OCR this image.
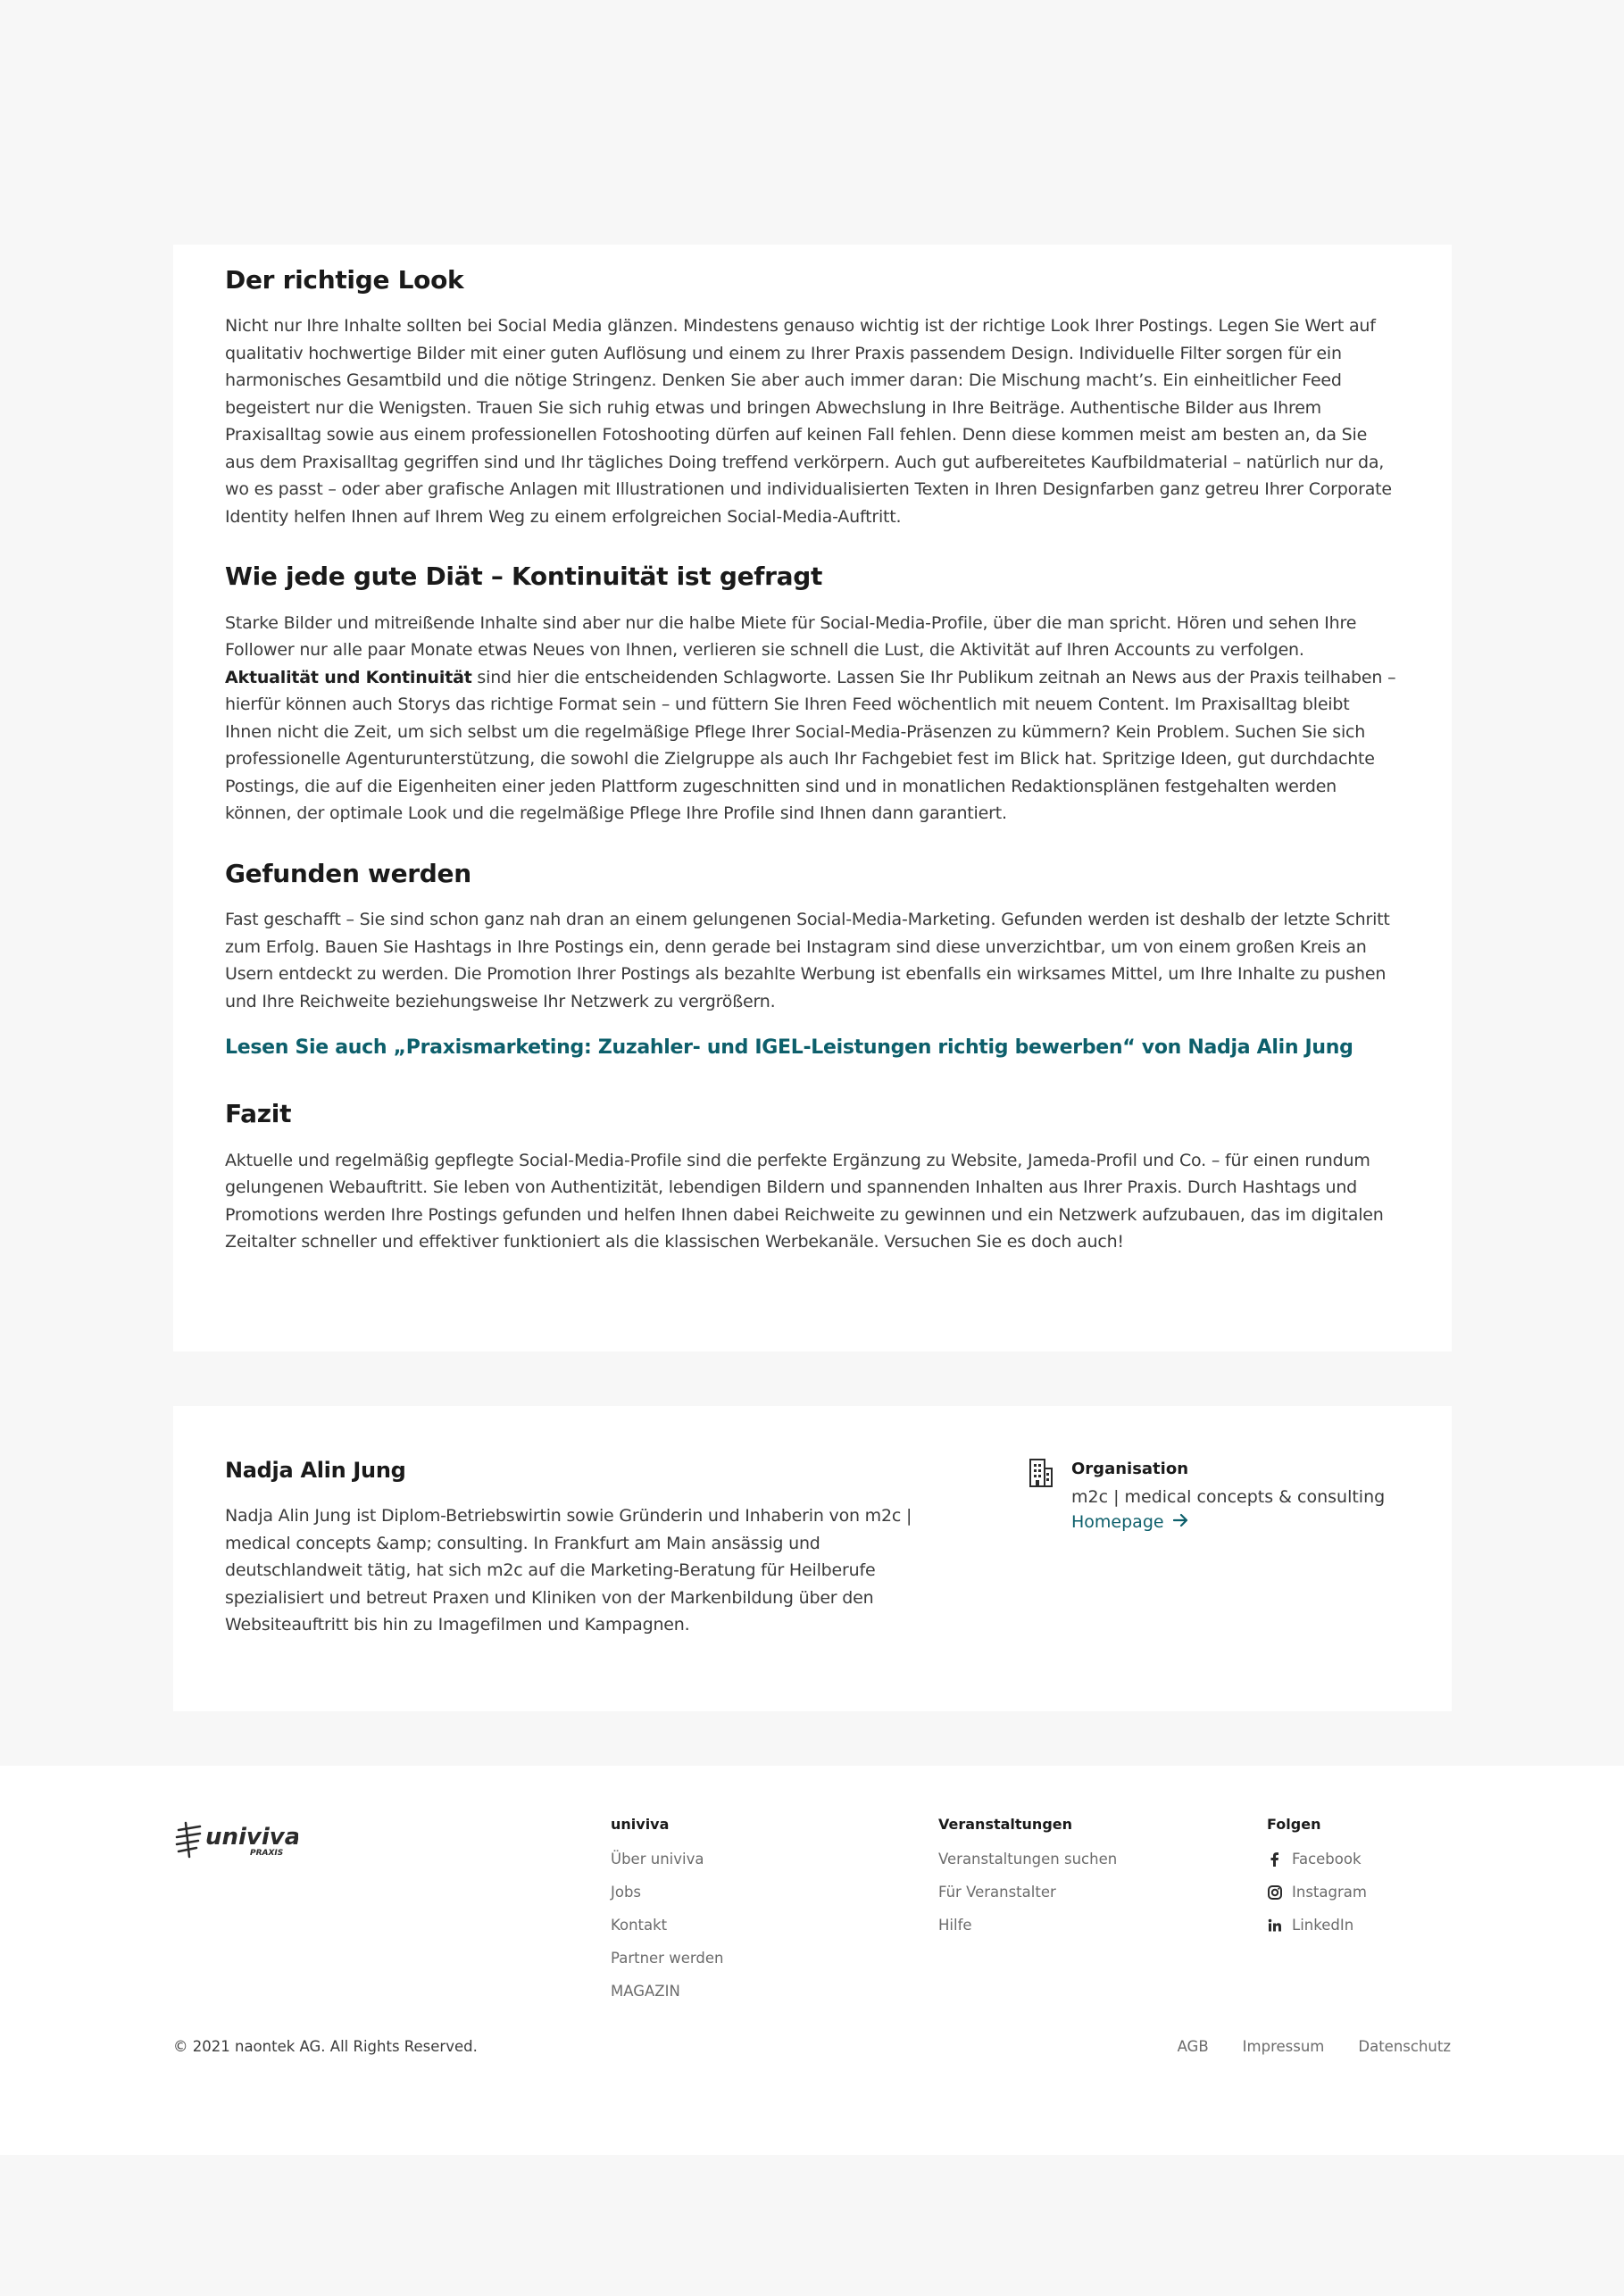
Der richtige Look

Nicht nur Ihre Inhalte sollten bei Social Media glänzen. Mindestens genauso wichtig ist der richtige Look Ihrer Postings. Legen Sie Wert auf qualitativ hochwertige Bilder mit einer guten Auflösung und einem zu Ihrer Praxis passendem Design. Individuelle Filter sorgen für ein harmonisches Gesamtbild und die nötige Stringenz. Denken Sie aber auch immer daran: Die Mischung macht’s. Ein einheitlicher Feed begeistert nur die Wenigsten. Trauen Sie sich ruhig etwas und bringen Abwechslung in Ihre Beiträge. Authentische Bilder aus Ihrem Praxisalltag sowie aus einem professionellen Fotoshooting dürfen auf keinen Fall fehlen. Denn diese kommen meist am besten an, da Sie aus dem Praxisalltag gegriffen sind und Ihr tägliches Doing treffend verkörpern. Auch gut aufbereitetes Kaufbildmaterial – natürlich nur da, wo es passt – oder aber grafische Anlagen mit Illustrationen und individualisierten Texten in Ihren Designfarben ganz getreu Ihrer Corporate Identity helfen Ihnen auf Ihrem Weg zu einem erfolgreichen Social-Media-Auftritt.

Wie jede gute Diät – Kontinuität ist gefragt

Starke Bilder und mitreißende Inhalte sind aber nur die halbe Miete für Social-Media-Profile, über die man spricht. Hören und sehen Ihre Follower nur alle paar Monate etwas Neues von Ihnen, verlieren sie schnell die Lust, die Aktivität auf Ihren Accounts zu verfolgen. Aktualität und Kontinuität sind hier die entscheidenden Schlagworte. Lassen Sie Ihr Publikum zeitnah an News aus der Praxis teilhaben – hierfür können auch Storys das richtige Format sein – und füttern Sie Ihren Feed wöchentlich mit neuem Content. Im Praxisalltag bleibt Ihnen nicht die Zeit, um sich selbst um die regelmäßige Pflege Ihrer Social-Media-Präsenzen zu kümmern? Kein Problem. Suchen Sie sich professionelle Agenturunterstützung, die sowohl die Zielgruppe als auch Ihr Fachgebiet fest im Blick hat. Spritzige Ideen, gut durchdachte Postings, die auf die Eigenheiten einer jeden Plattform zugeschnitten sind und in monatlichen Redaktionsplänen festgehalten werden können, der optimale Look und die regelmäßige Pflege Ihre Profile sind Ihnen dann garantiert.

Gefunden werden

Fast geschafft – Sie sind schon ganz nah dran an einem gelungenen Social-Media-Marketing. Gefunden werden ist deshalb der letzte Schritt zum Erfolg. Bauen Sie Hashtags in Ihre Postings ein, denn gerade bei Instagram sind diese unverzichtbar, um von einem großen Kreis an Usern entdeckt zu werden. Die Promotion Ihrer Postings als bezahlte Werbung ist ebenfalls ein wirksames Mittel, um Ihre Inhalte zu pushen und Ihre Reichweite beziehungsweise Ihr Netzwerk zu vergrößern.

Lesen Sie auch „Praxismarketing: Zuzahler- und IGEL-Leistungen richtig bewerben“ von Nadja Alin Jung
Fazit

Aktuelle und regelmäßig gepflegte Social-Media-Profile sind die perfekte Ergänzung zu Website, Jameda-Profil und Co. – für einen rundum gelungenen Webauftritt. Sie leben von Authentizität, lebendigen Bildern und spannenden Inhalten aus Ihrer Praxis. Durch Hashtags und Promotions werden Ihre Postings gefunden und helfen Ihnen dabei Reichweite zu gewinnen und ein Netzwerk aufzubauen, das im digitalen Zeitalter schneller und effektiver funktioniert als die klassischen Werbekanäle. Versuchen Sie es doch auch!

Nadja Alin Jung

Nadja Alin Jung ist Diplom-Betriebswirtin sowie Gründerin und Inhaberin von m2c | medical concepts &amp; consulting. In Frankfurt am Main ansässig und deutschlandweit tätig, hat sich m2c auf die Marketing-Beratung für Heilberufe spezialisiert und betreut Praxen und Kliniken von der Markenbildung über den Websiteauftritt bis hin zu Imagefilmen und Kampagnen.

Organisation
m2c | medical concepts & consulting
Homepage
univiva
PRAXIS
univiva
Über univiva
Jobs
Kontakt
Partner werden
MAGAZIN
Veranstaltungen
Veranstaltungen suchen
Für Veranstalter
Hilfe
Folgen
Facebook
Instagram
LinkedIn
© 2021 naontek AG. All Rights Reserved.	AGB Impressum Datenschutz
